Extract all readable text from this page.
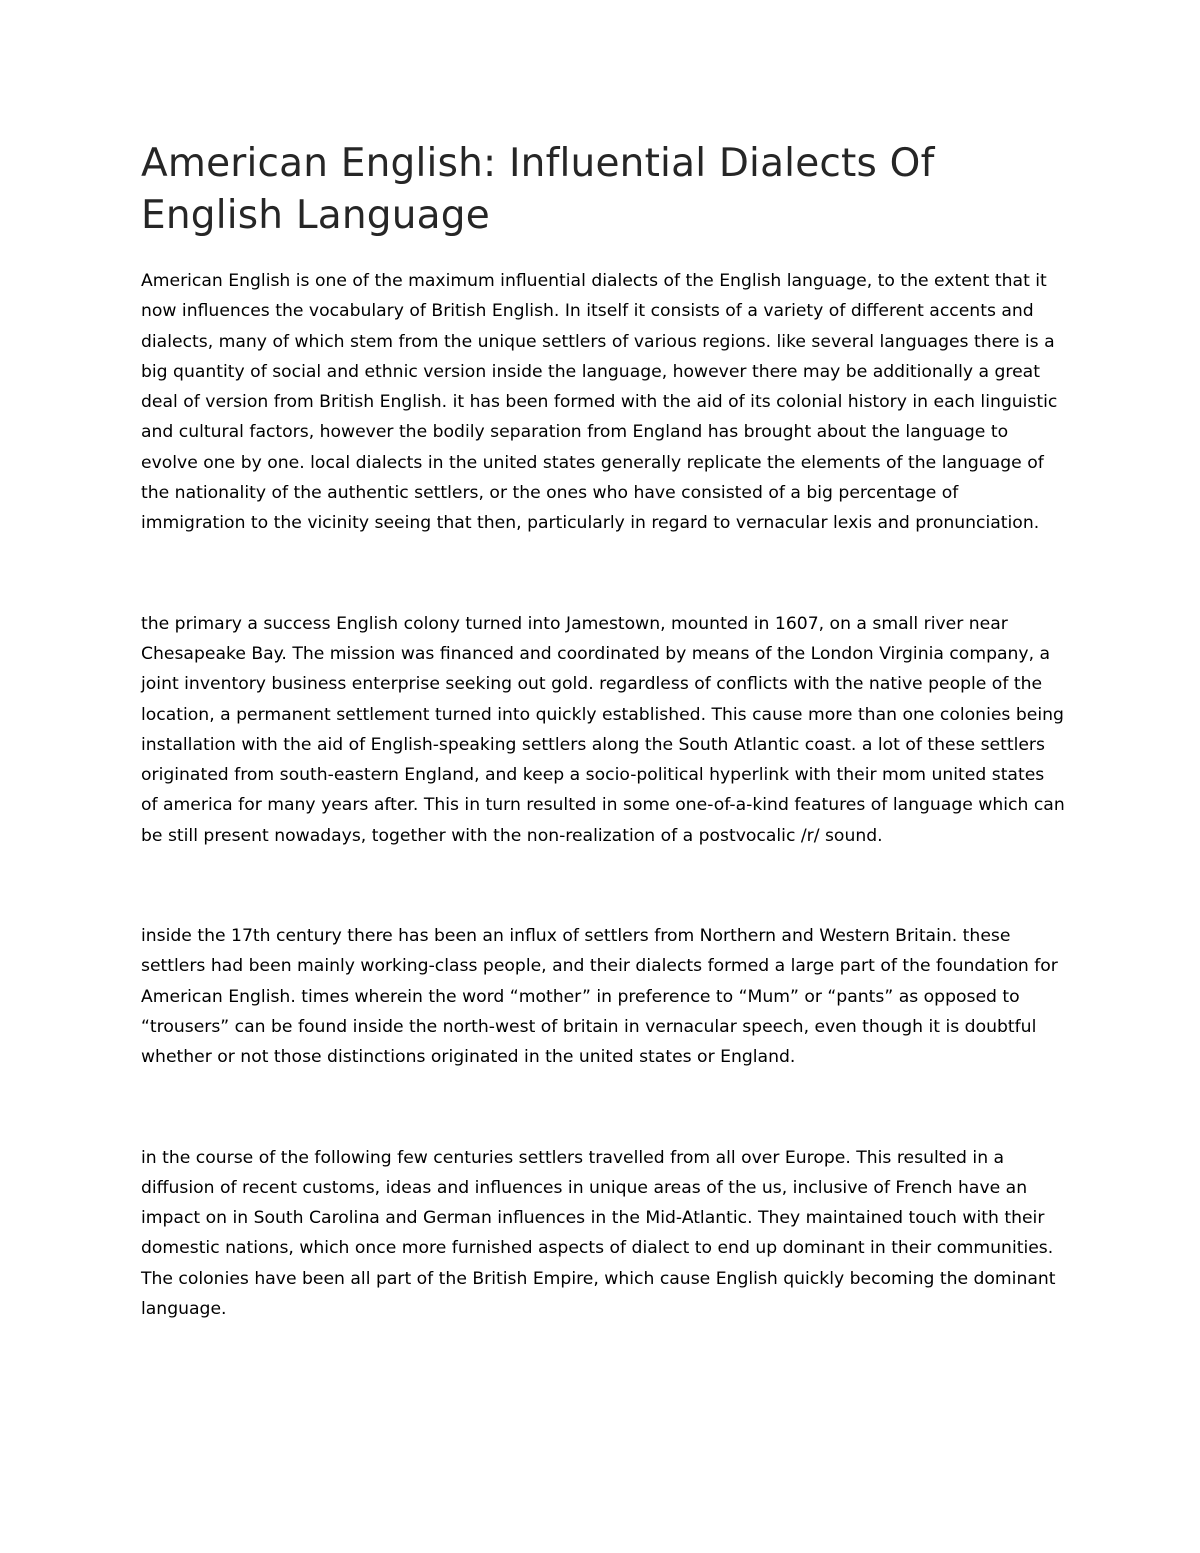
American English: Influential Dialects Of English Language

American English is one of the maximum influential dialects of the English language, to the extent that it now influences the vocabulary of British English. In itself it consists of a variety of different accents and dialects, many of which stem from the unique settlers of various regions. like several languages there is a big quantity of social and ethnic version inside the language, however there may be additionally a great deal of version from British English. it has been formed with the aid of its colonial history in each linguistic and cultural factors, however the bodily separation from England has brought about the language to evolve one by one. local dialects in the united states generally replicate the elements of the language of the nationality of the authentic settlers, or the ones who have consisted of a big percentage of immigration to the vicinity seeing that then, particularly in regard to vernacular lexis and pronunciation.

the primary a success English colony turned into Jamestown, mounted in 1607, on a small river near Chesapeake Bay. The mission was financed and coordinated by means of the London Virginia company, a joint inventory business enterprise seeking out gold. regardless of conflicts with the native people of the location, a permanent settlement turned into quickly established. This cause more than one colonies being installation with the aid of English-speaking settlers along the South Atlantic coast. a lot of these settlers originated from south-eastern England, and keep a socio-political hyperlink with their mom united states of america for many years after. This in turn resulted in some one-of-a-kind features of language which can be still present nowadays, together with the non-realization of a postvocalic /r/ sound.

inside the 17th century there has been an influx of settlers from Northern and Western Britain. these settlers had been mainly working-class people, and their dialects formed a large part of the foundation for American English. times wherein the word “mother” in preference to “Mum” or “pants” as opposed to “trousers” can be found inside the north-west of britain in vernacular speech, even though it is doubtful whether or not those distinctions originated in the united states or England.

in the course of the following few centuries settlers travelled from all over Europe. This resulted in a diffusion of recent customs, ideas and influences in unique areas of the us, inclusive of French have an impact on in South Carolina and German influences in the Mid-Atlantic. They maintained touch with their domestic nations, which once more furnished aspects of dialect to end up dominant in their communities. The colonies have been all part of the British Empire, which cause English quickly becoming the dominant language.
